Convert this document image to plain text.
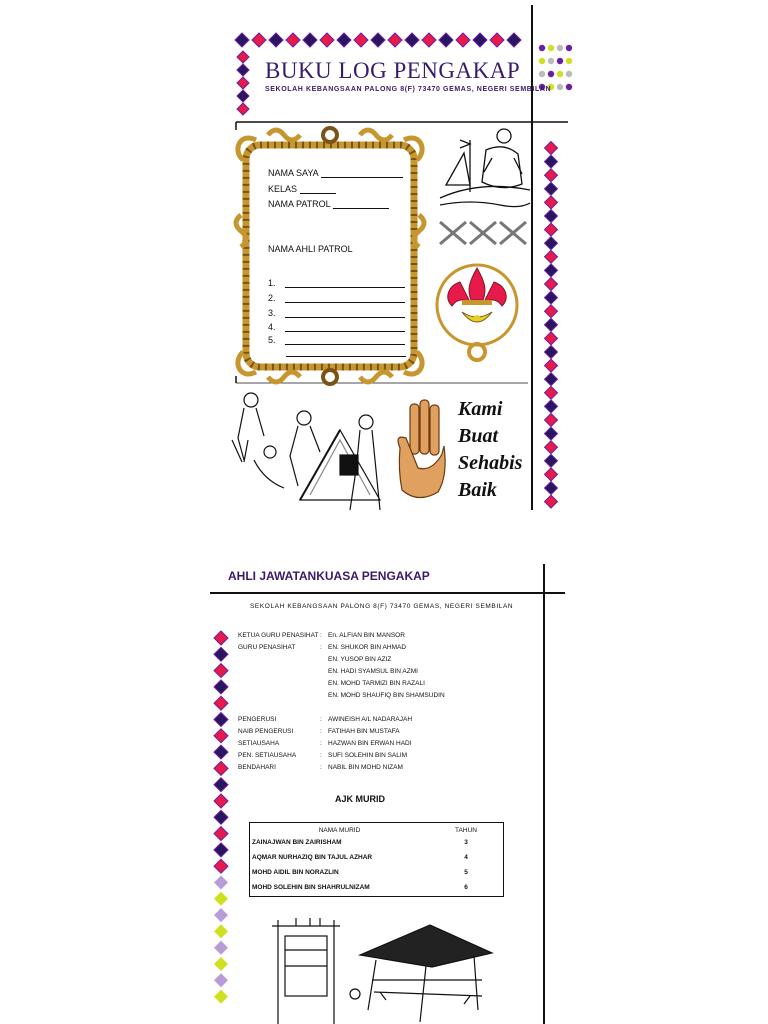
BUKU LOG PENGAKAP
SEKOLAH KEBANGSAAN PALONG 8(F) 73470 GEMAS, NEGERI SEMBILAN
NAMA SAYA
KELAS
NAMA PATROL
NAMA AHLI PATROL
1.
2.
3.
4.
5.
Kami
Buat
Sehabis
Baik
AHLI JAWATANKUASA PENGAKAP
SEKOLAH KEBANGSAAN PALONG 8(F) 73470 GEMAS, NEGERI SEMBILAN
KETUA GURU PENASIHAT : En. ALFIAN BIN MANSOR
GURU PENASIHAT	: EN. SHUKOR BIN AHMAD
EN. YUSOP BIN AZIZ
EN. HADI SYAMSUL BIN AZMI
EN. MOHD TARMIZI BIN RAZALI
EN. MOHD SHAUFIQ BIN SHAMSUDIN
PENGERUSI	: AWINEISH A/L NADARAJAH
NAIB PENGERUSI	: FATIHAH BIN MUSTAFA
SETIAUSAHA	: HAZWAN BIN ERWAN HADI
PEN. SETIAUSAHA	: SUFI SOLEHIN BIN SALIM
BENDAHARI	: NABIL BIN MOHD NIZAM
AJK MURID
NAMA MURID	TAHUN
ZAINAJWAN BIN ZAIRISHAM	3
AQMAR NURHAZIQ BIN TAJUL AZHAR	4
MOHD AIDIL BIN NORAZLIN	5
MOHD SOLEHIN BIN SHAHRULNIZAM	6
